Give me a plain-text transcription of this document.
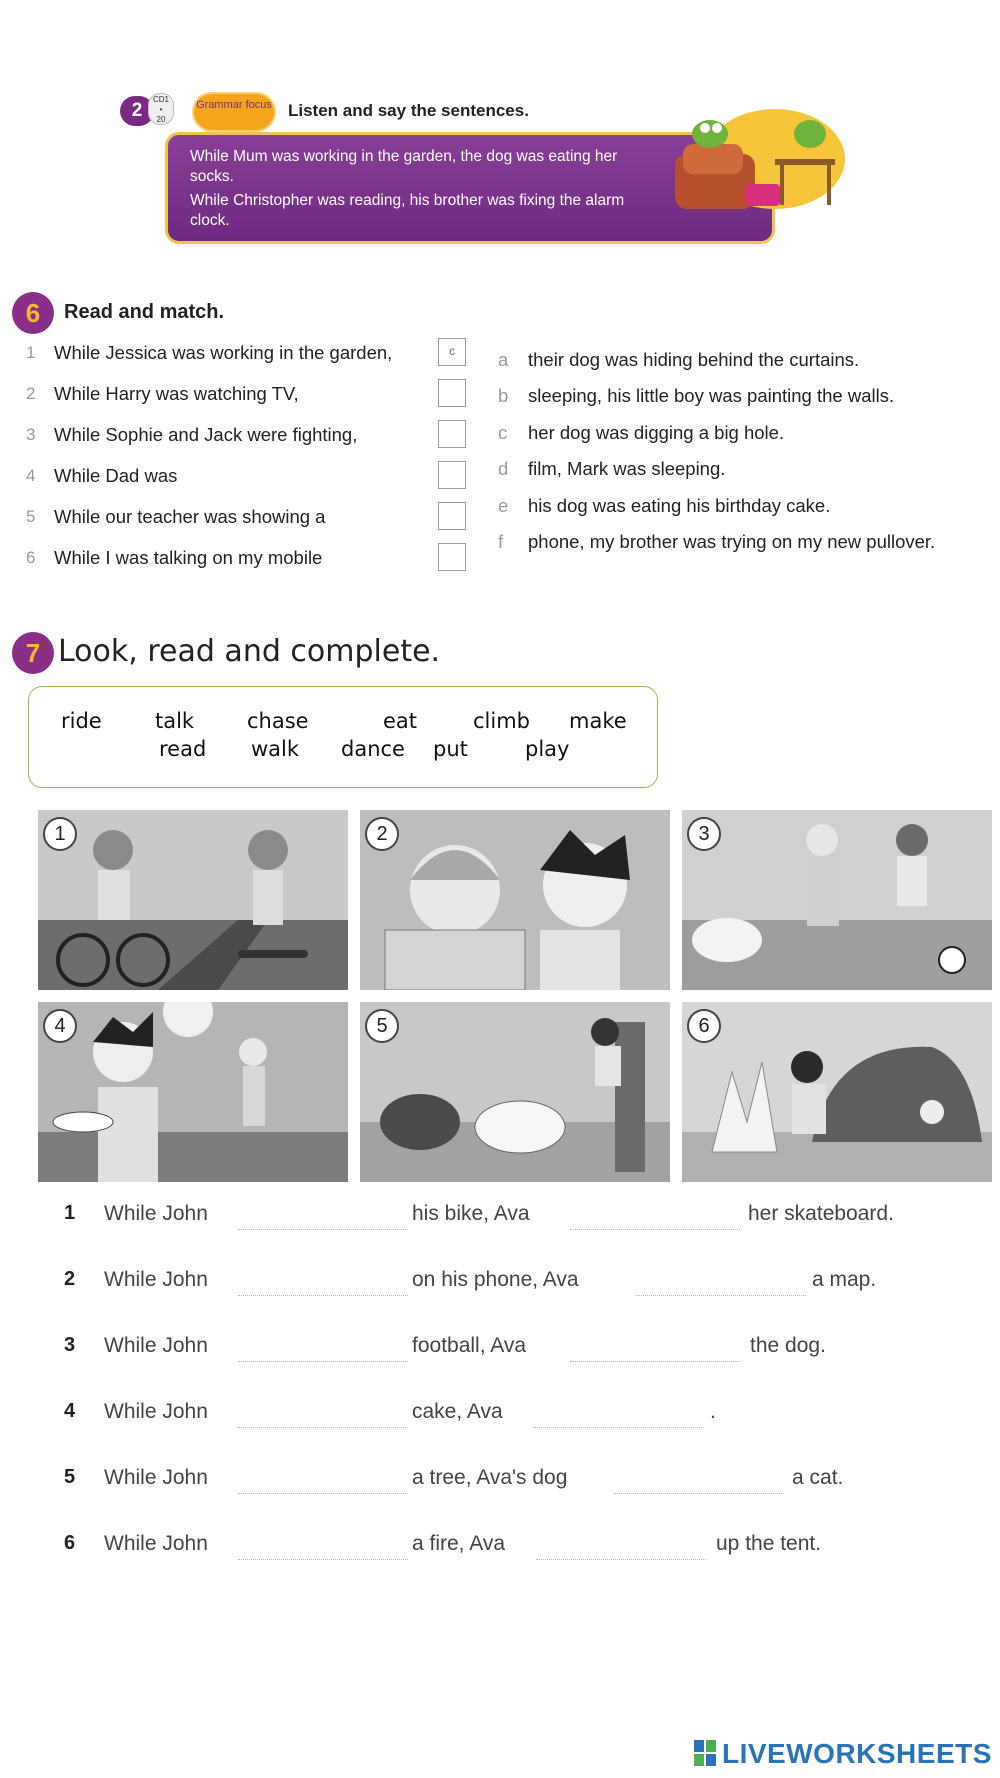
2
CD1
•
20
Grammar focus Listen and say the sentences.

While Mum was working in the garden, the dog was eating her socks.

While Christopher was reading, his brother was fixing the alarm clock.

6	Read and match.
1 While Jessica was working in the garden,	c
2 While Harry was watching TV,
3 While Sophie and Jack were fighting,
4 While Dad was
5 While our teacher was showing a
6 While I was talking on my mobile
a their dog was hiding behind the curtains.
b sleeping, his little boy was painting the walls.
c her dog was digging a big hole.
d film, Mark was sleeping.
e his dog was eating his birthday cake.
f phone, my brother was trying on my new pullover.
7 Look, read and complete.
ride	talk	chase	eat	climb make
read walk dance put	play
1	2	3
4	5	6
1 While John	his bike, Ava	her skateboard.
2 While John	on his phone, Ava	a map.
3 While John	football, Ava	the dog.
4 While John	cake, Ava	.
5 While John	a tree, Ava's dog	a cat.
6 While John	a fire, Ava	up the tent.
LIVEWORKSHEETS
